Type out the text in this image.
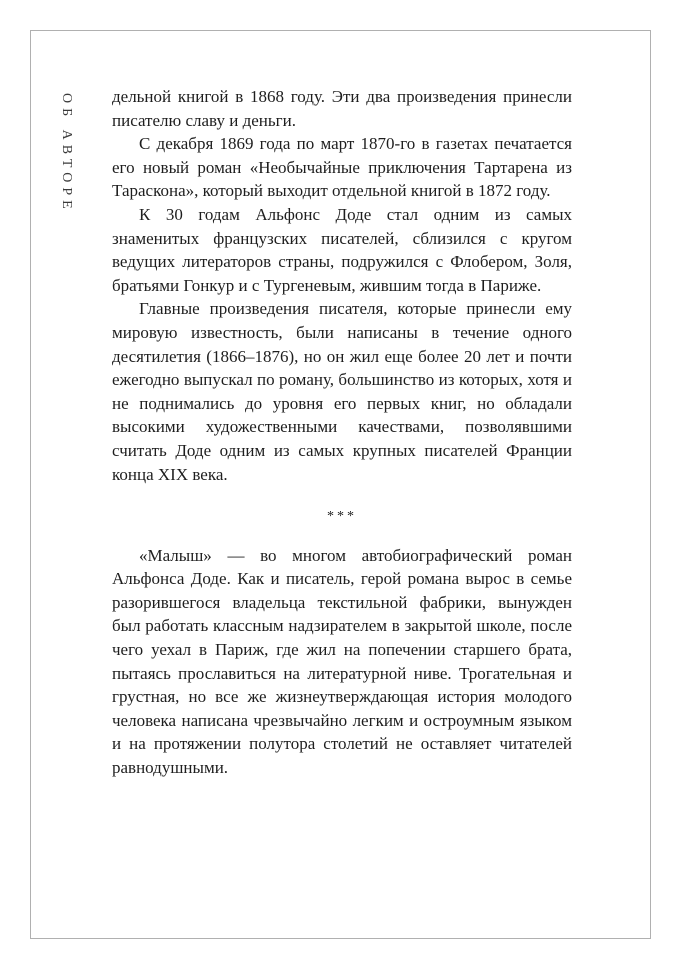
ОБ АВТОРЕ дельной книгой в 1868 году. Эти два произведения принесли писателю славу и деньги.

С декабря 1869 года по март 1870-го в газетах печатается его новый роман «Необычайные приключения Тартарена из Тараскона», который выходит отдельной книгой в 1872 году.

К 30 годам Альфонс Доде стал одним из самых знаменитых французских писателей, сблизился с кругом ведущих литераторов страны, подружился с Флобером, Золя, братьями Гонкур и с Тургеневым, жившим тогда в Париже.

Главные произведения писателя, которые принесли ему мировую известность, были написаны в течение одного десятилетия (1866–1876), но он жил еще более 20 лет и почти ежегодно выпускал по роману, большинство из которых, хотя и не поднимались до уровня его первых книг, но обладали высокими художественными качествами, позволявшими считать Доде одним из самых крупных писателей Франции конца XIX века.

***

«Малыш» — во многом автобиографический роман Альфонса Доде. Как и писатель, герой романа вырос в семье разорившегося владельца текстильной фабрики, вынужден был работать классным надзирателем в закрытой школе, после чего уехал в Париж, где жил на попечении старшего брата, пытаясь прославиться на литературной ниве. Трогательная и грустная, но все же жизнеутверждающая история молодого человека написана чрезвычайно легким и остроумным языком и на протяжении полутора столетий не оставляет читателей равнодушными.
